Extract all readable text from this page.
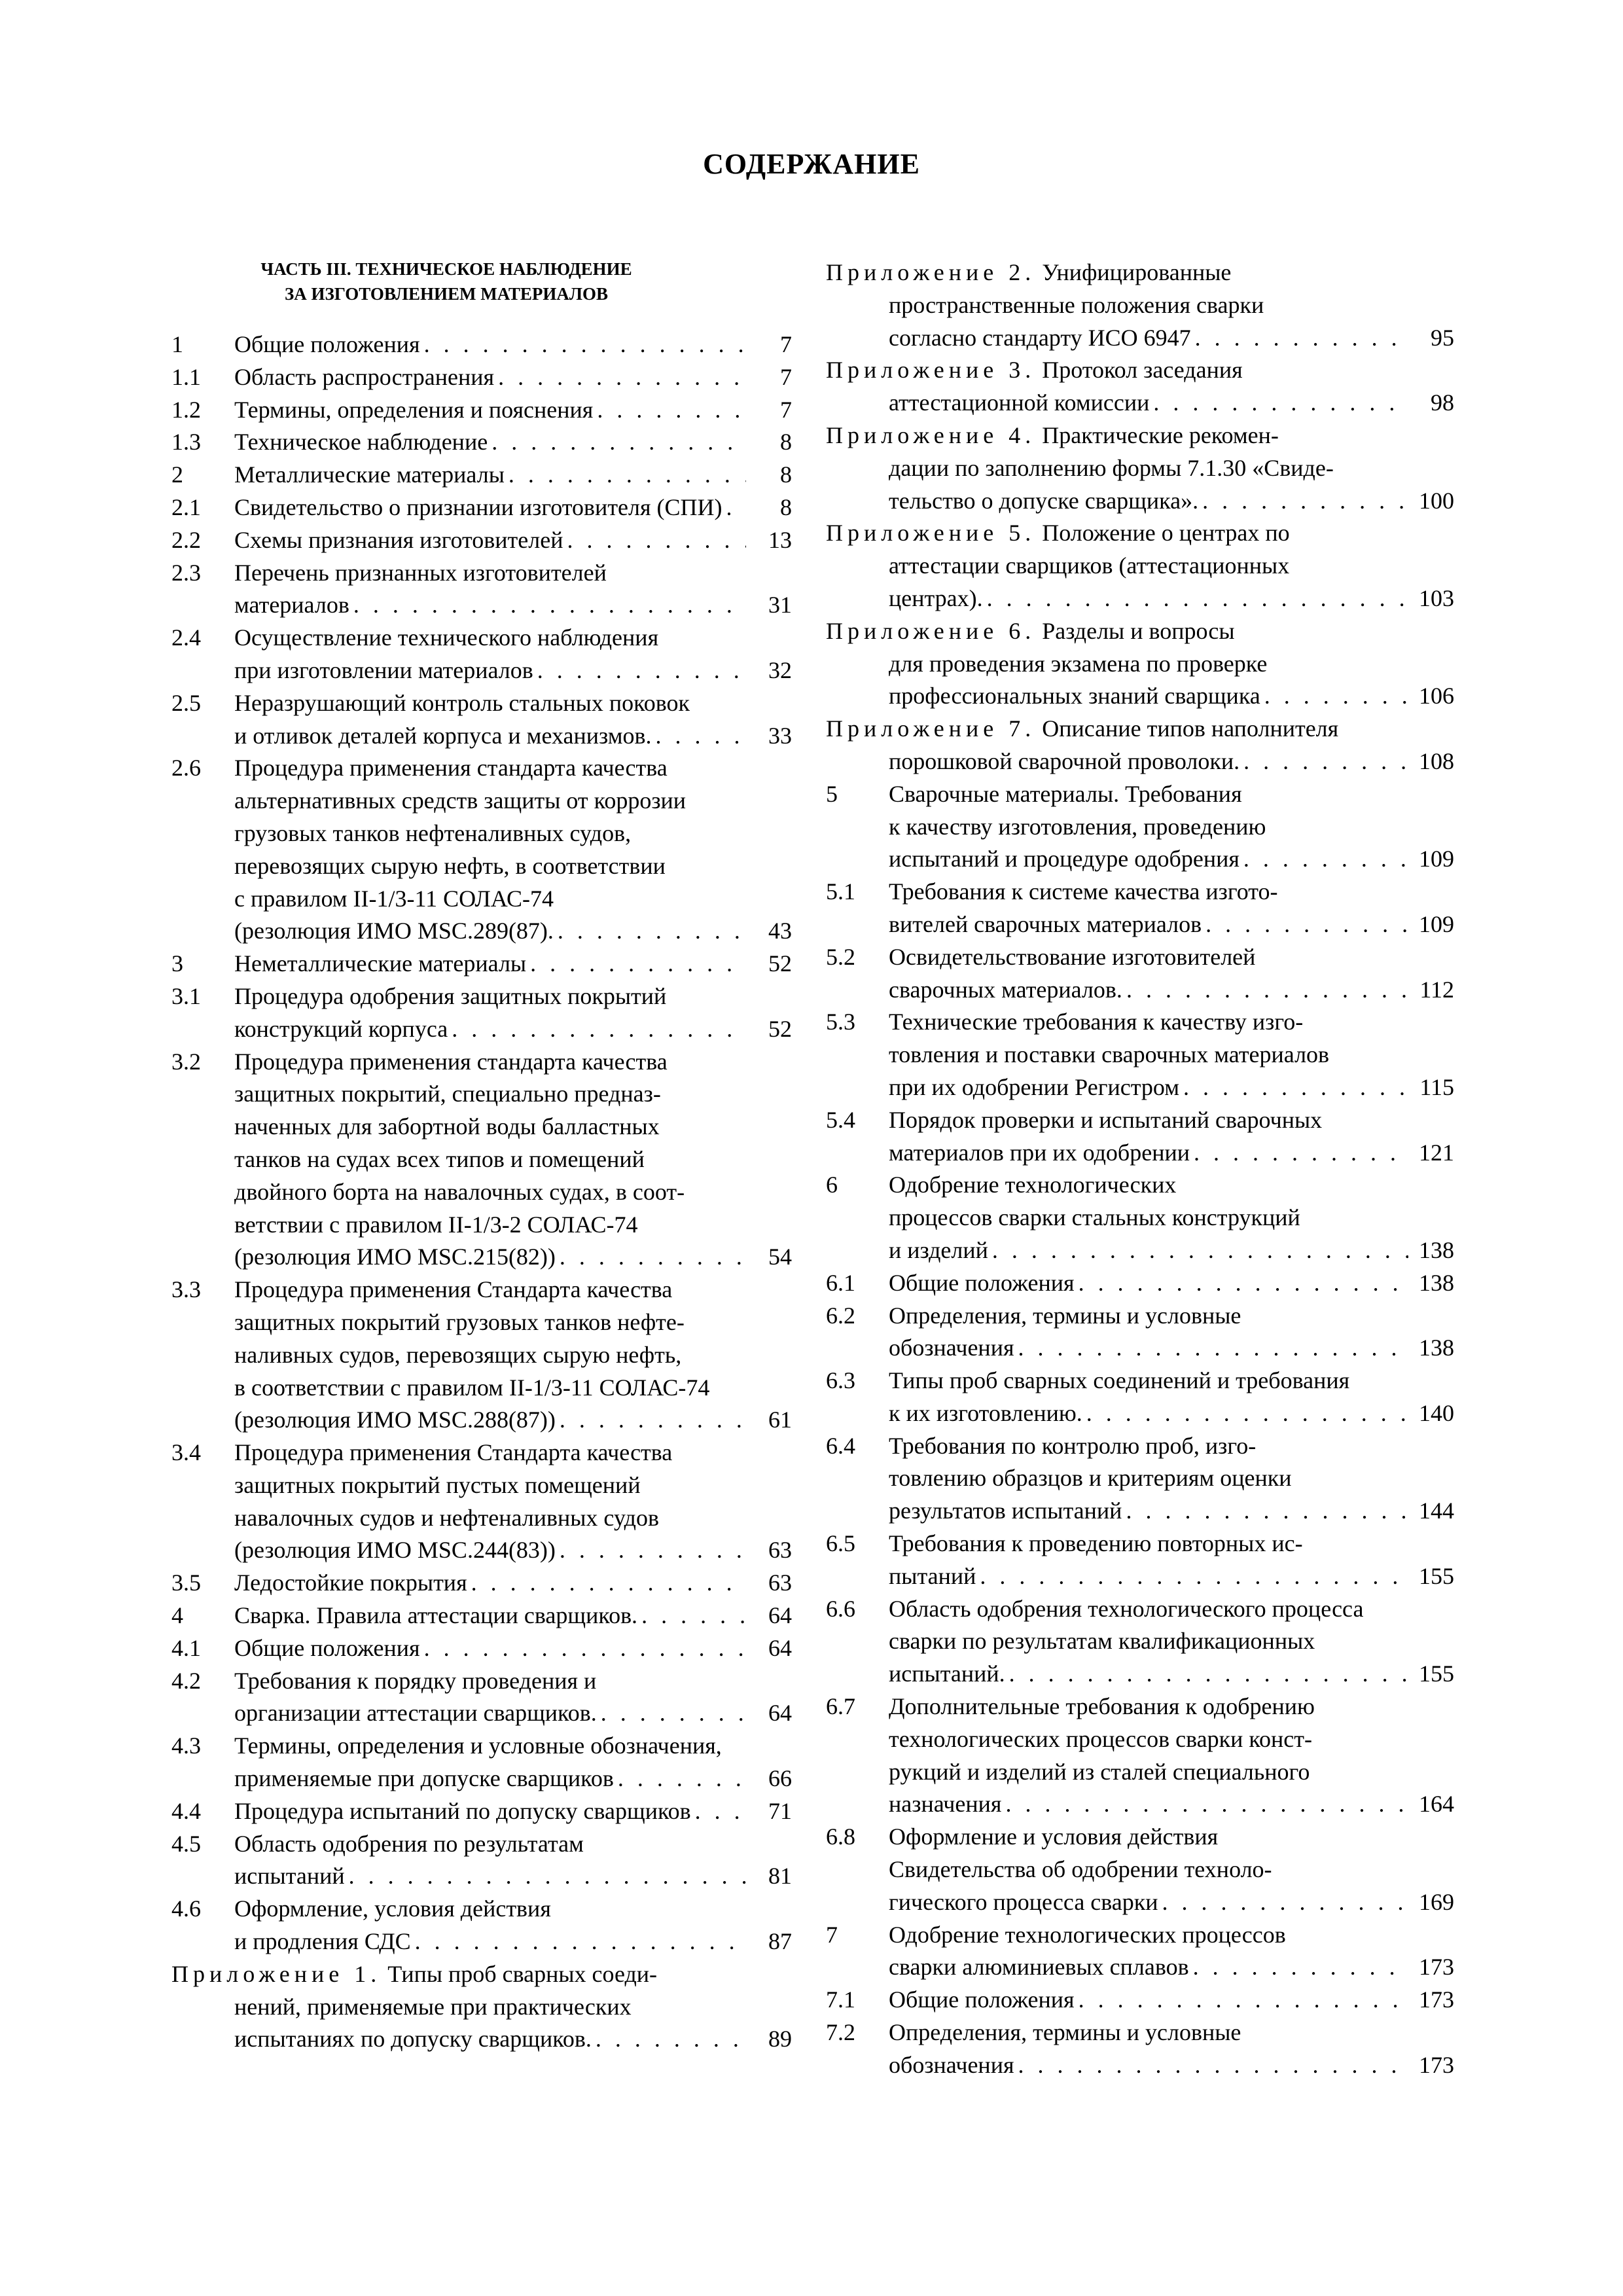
СОДЕРЖАНИЕ
ЧАСТЬ III. ТЕХНИЧЕСКОЕ НАБЛЮДЕНИЕ
ЗА ИЗГОТОВЛЕНИЕМ МАТЕРИАЛОВ
1	Общие положения . . .	7
1.1	Область распространения . . .	7
1.2	Термины, определения и пояснения . . .	7
1.3	Техническое наблюдение . . .	8
2	Металлические материалы . . .	8
2.1	Свидетельство о признании изготовителя (СПИ) . . .	8
2.2	Схемы признания изготовителей . . .	13
2.3	Перечень признанных изготовителей
материалов . . .	31
2.4	Осуществление технического наблюдения
при изготовлении материалов . . .	32
2.5	Неразрушающий контроль стальных поковок
и отливок деталей корпуса и механизмов. . . .	33
2.6	Процедура применения стандарта качества
альтернативных средств защиты от коррозии
грузовых танков нефтеналивных судов,
перевозящих сырую нефть, в соответствии
с правилом II-1/3-11 СОЛАС-74
(резолюция ИМО MSC.289(87). . . .	43
3	Неметаллические материалы . . .	52
3.1	Процедура одобрения защитных покрытий
конструкций корпуса . . .	52
3.2	Процедура применения стандарта качества
защитных покрытий, специально предназ-
наченных для забортной воды балластных
танков на судах всех типов и помещений
двойного борта на навалочных судах, в соот-
ветствии с правилом II-1/3-2 СОЛАС-74
(резолюция ИМО MSC.215(82)) . . .	54
3.3	Процедура применения Стандарта качества
защитных покрытий грузовых танков нефте-
наливных судов, перевозящих сырую нефть,
в соответствии с правилом II-1/3-11 СОЛАС-74
(резолюция ИМО MSC.288(87)) . . .	61
3.4	Процедура применения Стандарта качества
защитных покрытий пустых помещений
навалочных судов и нефтеналивных судов
(резолюция ИМО MSC.244(83)) . . .	63
3.5	Ледостойкие покрытия . . .	63
4	Сварка. Правила аттестации сварщиков. . . .	64
4.1	Общие положения . . .	64
4.2	Требования к порядку проведения и
организации аттестации сварщиков. . . .	64
4.3	Термины, определения и условные обозначения,
применяемые при допуске сварщиков . . .	66
4.4	Процедура испытаний по допуску сварщиков . . .	71
4.5	Область одобрения по результатам
испытаний . . .	81
4.6	Оформление, условия действия
и продления СДС . . .	87
Приложение 1. Типы проб сварных соеди-
нений, применяемые при практических
испытаниях по допуску сварщиков. . . .	89
Приложение 2. Унифицированные
пространственные положения сварки
согласно стандарту ИСО 6947 . . .	95
Приложение 3. Протокол заседания
аттестационной комиссии . . .	98
Приложение 4. Практические рекомен-
дации по заполнению формы 7.1.30 «Свиде-
тельство о допуске сварщика». . . .	100
Приложение 5. Положение о центрах по
аттестации сварщиков (аттестационных
центрах). . . .	103
Приложение 6. Разделы и вопросы
для проведения экзамена по проверке
профессиональных знаний сварщика . . .	106
Приложение 7. Описание типов наполнителя
порошковой сварочной проволоки. . . .	108
5	Сварочные материалы. Требования
к качеству изготовления, проведению
испытаний и процедуре одобрения . . .	109
5.1	Требования к системе качества изгото-
вителей сварочных материалов . . .	109
5.2	Освидетельствование изготовителей
сварочных материалов. . . .	112
5.3	Технические требования к качеству изго-
товления и поставки сварочных материалов
при их одобрении Регистром . . .	115
5.4	Порядок проверки и испытаний сварочных
материалов при их одобрении . . .	121
6	Одобрение технологических
процессов сварки стальных конструкций
и изделий . . .	138
6.1	Общие положения . . .	138
6.2	Определения, термины и условные
обозначения . . .	138
6.3	Типы проб сварных соединений и требования
к их изготовлению. . . .	140
6.4	Требования по контролю проб, изго-
товлению образцов и критериям оценки
результатов испытаний . . .	144
6.5	Требования к проведению повторных ис-
пытаний . . .	155
6.6	Область одобрения технологического процесса
сварки по результатам квалификационных
испытаний. . . .	155
6.7	Дополнительные требования к одобрению
технологических процессов сварки конст-
рукций и изделий из сталей специального
назначения . . .	164
6.8	Оформление и условия действия
Свидетельства об одобрении техноло-
гического процесса сварки . . .	169
7	Одобрение технологических процессов
сварки алюминиевых сплавов . . .	173
7.1	Общие положения . . .	173
7.2	Определения, термины и условные
обозначения . . .	173
